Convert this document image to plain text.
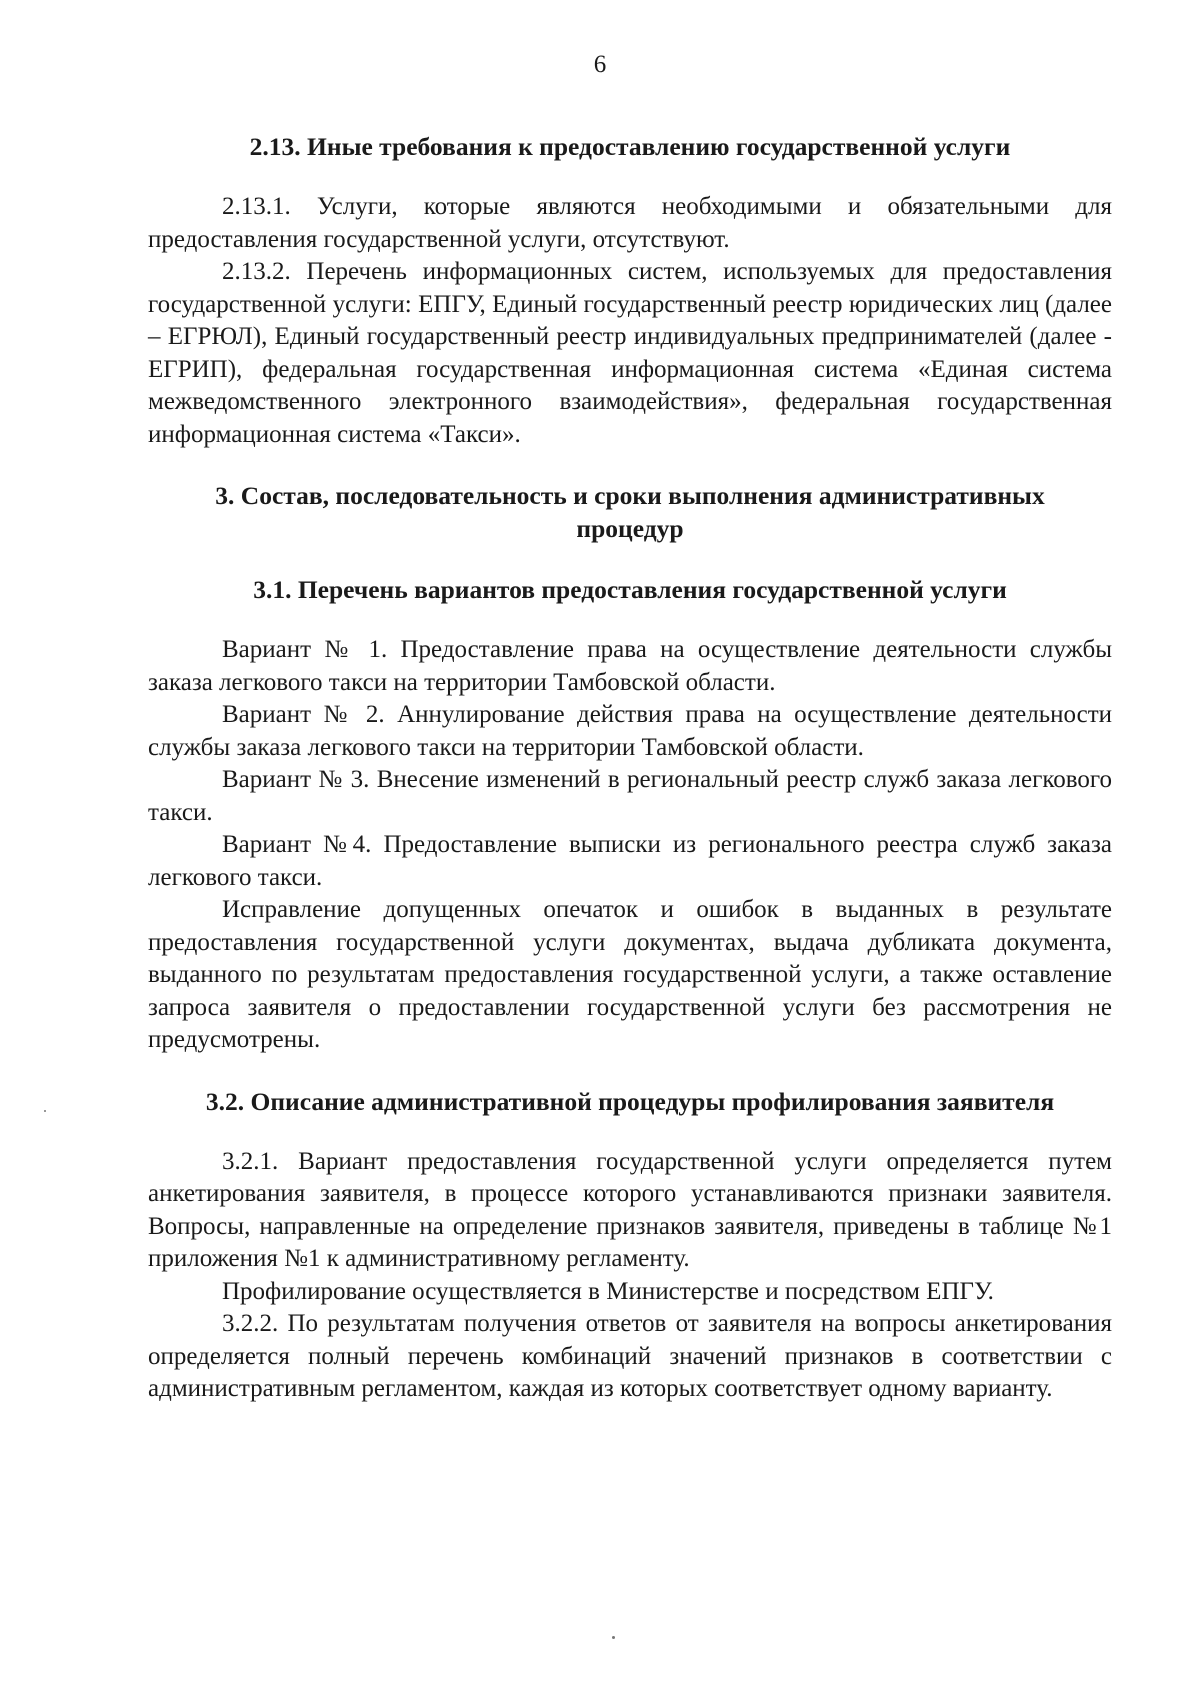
6

2.13. Иные требования к предоставлению государственной услуги

2.13.1. Услуги, которые являются необходимыми и обязательными для предоставления государственной услуги, отсутствуют.

2.13.2. Перечень информационных систем, используемых для предоставления государственной услуги: ЕПГУ, Единый государственный реестр юридических лиц (далее – ЕГРЮЛ), Единый государственный реестр индивидуальных предпринимателей (далее - ЕГРИП), федеральная государственная информационная система «Единая система межведомственного электронного взаимодействия», федеральная государственная информационная система «Такси».

3. Состав, последовательность и сроки выполнения административных
процедур

3.1. Перечень вариантов предоставления государственной услуги

Вариант № 1. Предоставление права на осуществление деятельности службы заказа легкового такси на территории Тамбовской области.

Вариант № 2. Аннулирование действия права на осуществление деятельности службы заказа легкового такси на территории Тамбовской области.

Вариант № 3. Внесение изменений в региональный реестр служб заказа легкового такси.

Вариант №4. Предоставление выписки из регионального реестра служб заказа легкового такси.

Исправление допущенных опечаток и ошибок в выданных в результате предоставления государственной услуги документах, выдача дубликата документа, выданного по результатам предоставления государственной услуги, а также оставление запроса заявителя о предоставлении государственной услуги без рассмотрения не предусмотрены.

3.2. Описание административной процедуры профилирования заявителя

3.2.1. Вариант предоставления государственной услуги определяется путем анкетирования заявителя, в процессе которого устанавливаются признаки заявителя. Вопросы, направленные на определение признаков заявителя, приведены в таблице №1 приложения №1 к административному регламенту.

Профилирование осуществляется в Министерстве и посредством ЕПГУ.

3.2.2. По результатам получения ответов от заявителя на вопросы анкетирования определяется полный перечень комбинаций значений признаков в соответствии с административным регламентом, каждая из которых соответствует одному варианту.
